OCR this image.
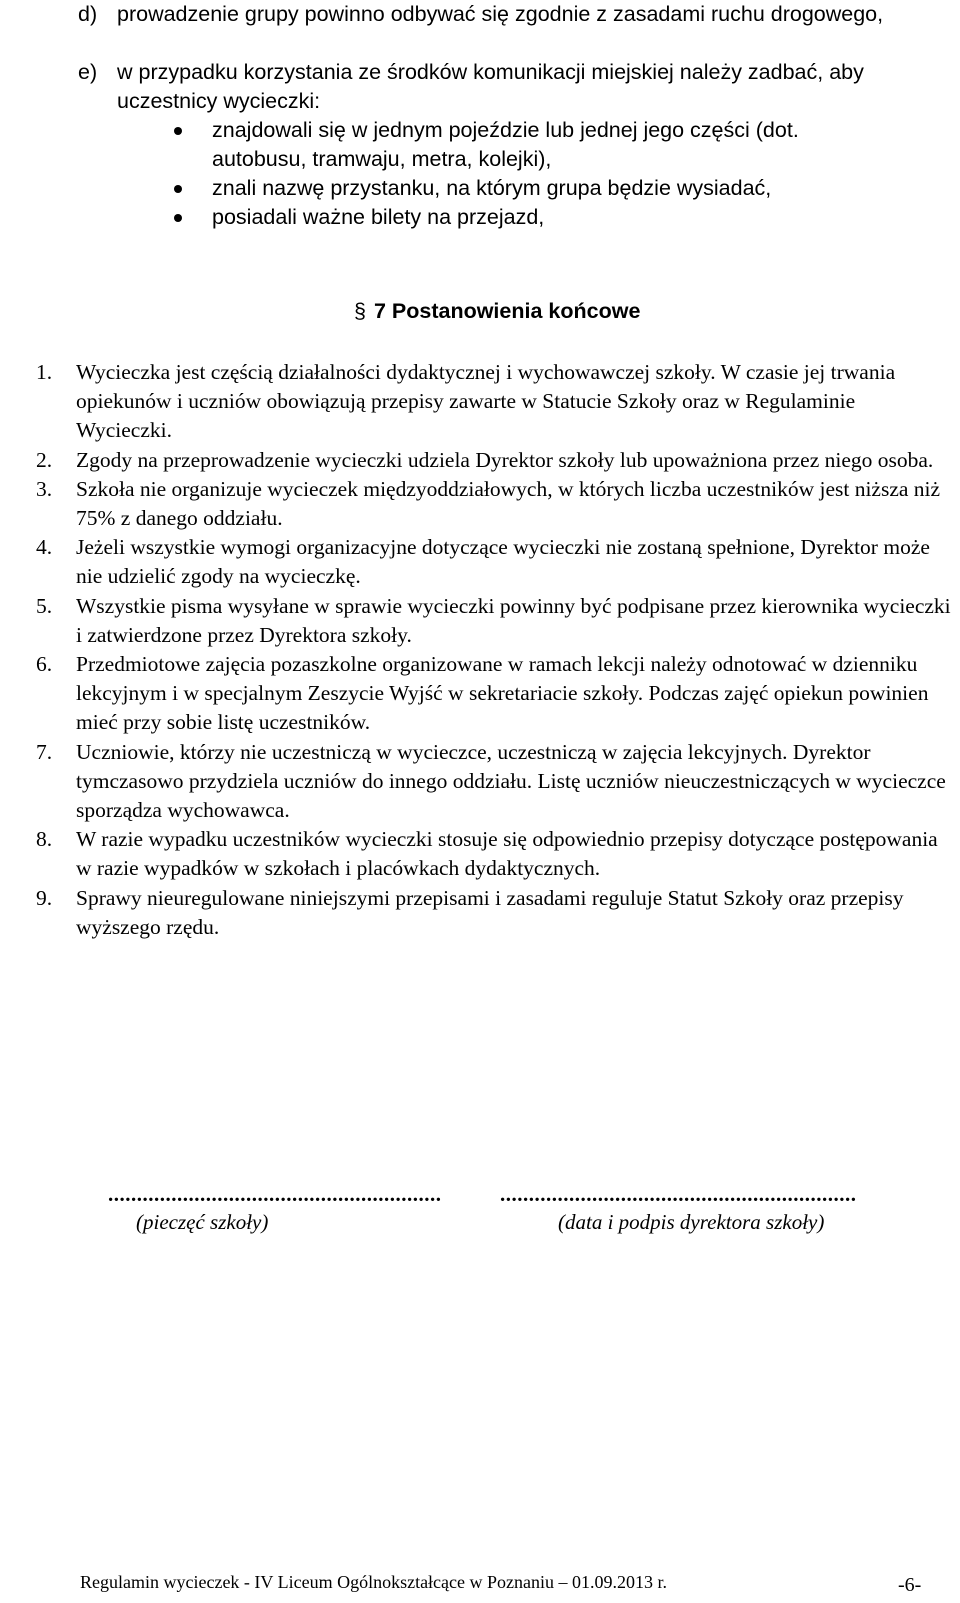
d) prowadzenie grupy powinno odbywać się zgodnie z zasadami ruchu drogowego,
e) w przypadku korzystania ze środków komunikacji miejskiej należy zadbać, aby uczestnicy wycieczki:
znajdowali się w jednym pojeździe lub jednej jego części (dot. autobusu, tramwaju, metra, kolejki),
znali nazwę przystanku, na którym grupa będzie wysiadać,
posiadali ważne bilety na przejazd,
§ 7 Postanowienia końcowe
1. Wycieczka jest częścią działalności dydaktycznej i wychowawczej szkoły. W czasie jej trwania opiekunów i uczniów obowiązują przepisy zawarte w Statucie Szkoły oraz w Regulaminie Wycieczki.
2. Zgody na przeprowadzenie wycieczki udziela Dyrektor szkoły lub upoważniona przez niego osoba.
3. Szkoła nie organizuje wycieczek międzyoddziałowych, w których liczba uczestników jest niższa niż 75% z danego oddziału.
4. Jeżeli wszystkie wymogi organizacyjne dotyczące wycieczki nie zostaną spełnione, Dyrektor może nie udzielić zgody na wycieczkę.
5. Wszystkie pisma wysyłane w sprawie wycieczki powinny być podpisane przez kierownika wycieczki i zatwierdzone przez Dyrektora szkoły.
6. Przedmiotowe zajęcia pozaszkolne organizowane w ramach lekcji należy odnotować w dzienniku lekcyjnym i w specjalnym Zeszycie Wyjść w sekretariacie szkoły. Podczas zajęć opiekun powinien mieć przy sobie listę uczestników.
7. Uczniowie, którzy nie uczestniczą w wycieczce, uczestniczą w zajęcia lekcyjnych. Dyrektor tymczasowo przydziela uczniów do innego oddziału. Listę uczniów nieuczestniczących w wycieczce sporządza wychowawca.
8. W razie wypadku uczestników wycieczki stosuje się odpowiednio przepisy dotyczące postępowania w razie wypadków w szkołach i placówkach dydaktycznych.
9. Sprawy nieuregulowane niniejszymi przepisami i zasadami reguluje Statut Szkoły oraz przepisy wyższego rzędu.
..........................................................
(pieczęć szkoły)
..............................................................
(data i podpis dyrektora szkoły)
Regulamin wycieczek - IV Liceum Ogólnokształcące w Poznaniu – 01.09.2013 r.	-6-
